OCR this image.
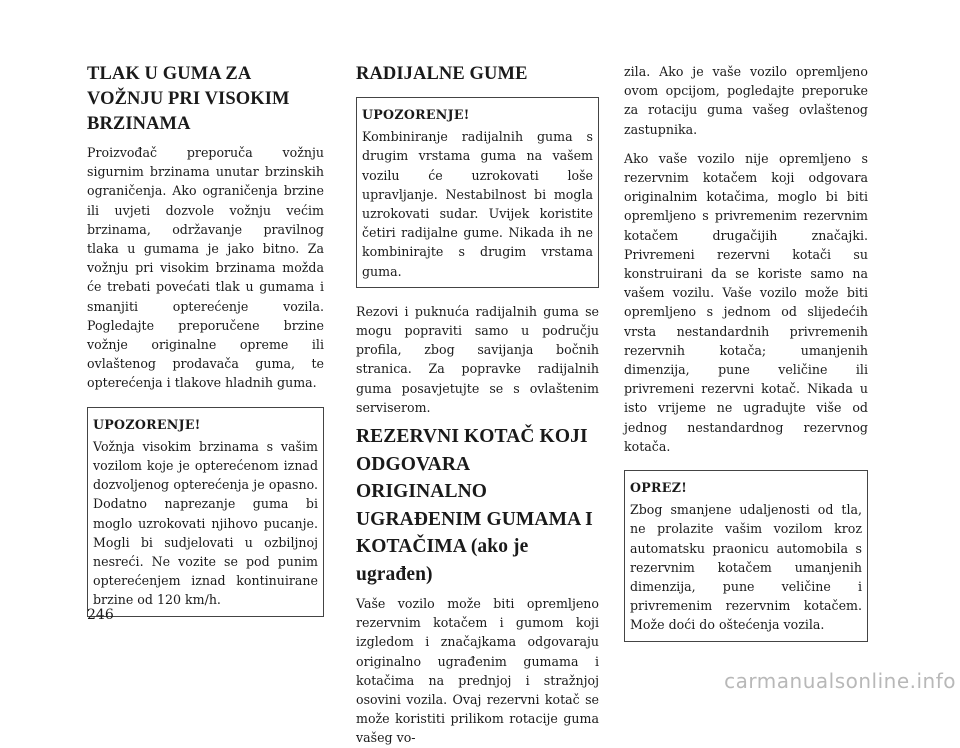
TLAK U GUMA ZA VOŽNJU PRI VISOKIM BRZINAMA

Proizvođač preporuča vožnju sigurnim brzinama unutar brzinskih ograničenja. Ako ograničenja brzine ili uvjeti dozvole vožnju većim brzinama, održavanje pravilnog tlaka u gumama je jako bitno. Za vožnju pri visokim brzinama možda će trebati povećati tlak u gumama i smanjiti opterećenje vozila. Pogledajte preporučene brzine vožnje originalne opreme ili ovlaštenog prodavača guma, te opterećenja i tlakove hladnih guma.

UPOZORENJE!

Vožnja visokim brzinama s vašim vozilom koje je opterećenom iznad dozvoljenog opterećenja je opasno. Dodatno naprezanje guma bi moglo uzrokovati njihovo pucanje. Mogli bi sudjelovati u ozbiljnoj nesreći. Ne vozite se pod punim opterećenjem iznad kontinuirane brzine od 120 km/h.

RADIJALNE GUME
UPOZORENJE!

Kombiniranje radijalnih guma s drugim vrstama guma na vašem vozilu će uzrokovati loše upravljanje. Nestabilnost bi mogla uzrokovati sudar. Uvijek koristite četiri radijalne gume. Nikada ih ne kombinirajte s drugim vrstama guma.

Rezovi i puknuća radijalnih guma se mogu popraviti samo u području profila, zbog savijanja bočnih stranica. Za popravke radijalnih guma posavjetujte se s ovlaštenim serviserom.

REZERVNI KOTAČ KOJI ODGOVARA ORIGINALNO UGRAĐENIM GUMAMA I KOTAČIMA (ako je ugrađen)

Vaše vozilo može biti opremljeno rezervnim kotačem i gumom koji izgledom i značajkama odgovaraju originalno ugrađenim gumama i kotačima na prednjoj i stražnjoj osovini vozila. Ovaj rezervni kotač se može koristiti prilikom rotacije guma vašeg vo-

zila. Ako je vaše vozilo opremljeno ovom opcijom, pogledajte preporuke za rotaciju guma vašeg ovlaštenog zastupnika.

Ako vaše vozilo nije opremljeno s rezervnim kotačem koji odgovara originalnim kotačima, moglo bi biti opremljeno s privremenim rezervnim kotačem drugačijih značajki. Privremeni rezervni kotači su konstruirani da se koriste samo na vašem vozilu. Vaše vozilo može biti opremljeno s jednom od slijedećih vrsta nestandardnih privremenih rezervnih kotača; umanjenih dimenzija, pune veličine ili privremeni rezervni kotač. Nikada u isto vrijeme ne ugradujte više od jednog nestandardnog rezervnog kotača.

OPREZ!

Zbog smanjene udaljenosti od tla, ne prolazite vašim vozilom kroz automatsku praonicu automobila s rezervnim kotačem umanjenih dimenzija, pune veličine i privremenim rezervnim kotačem. Može doći do oštećenja vozila.

246
carmanualsonline.info
